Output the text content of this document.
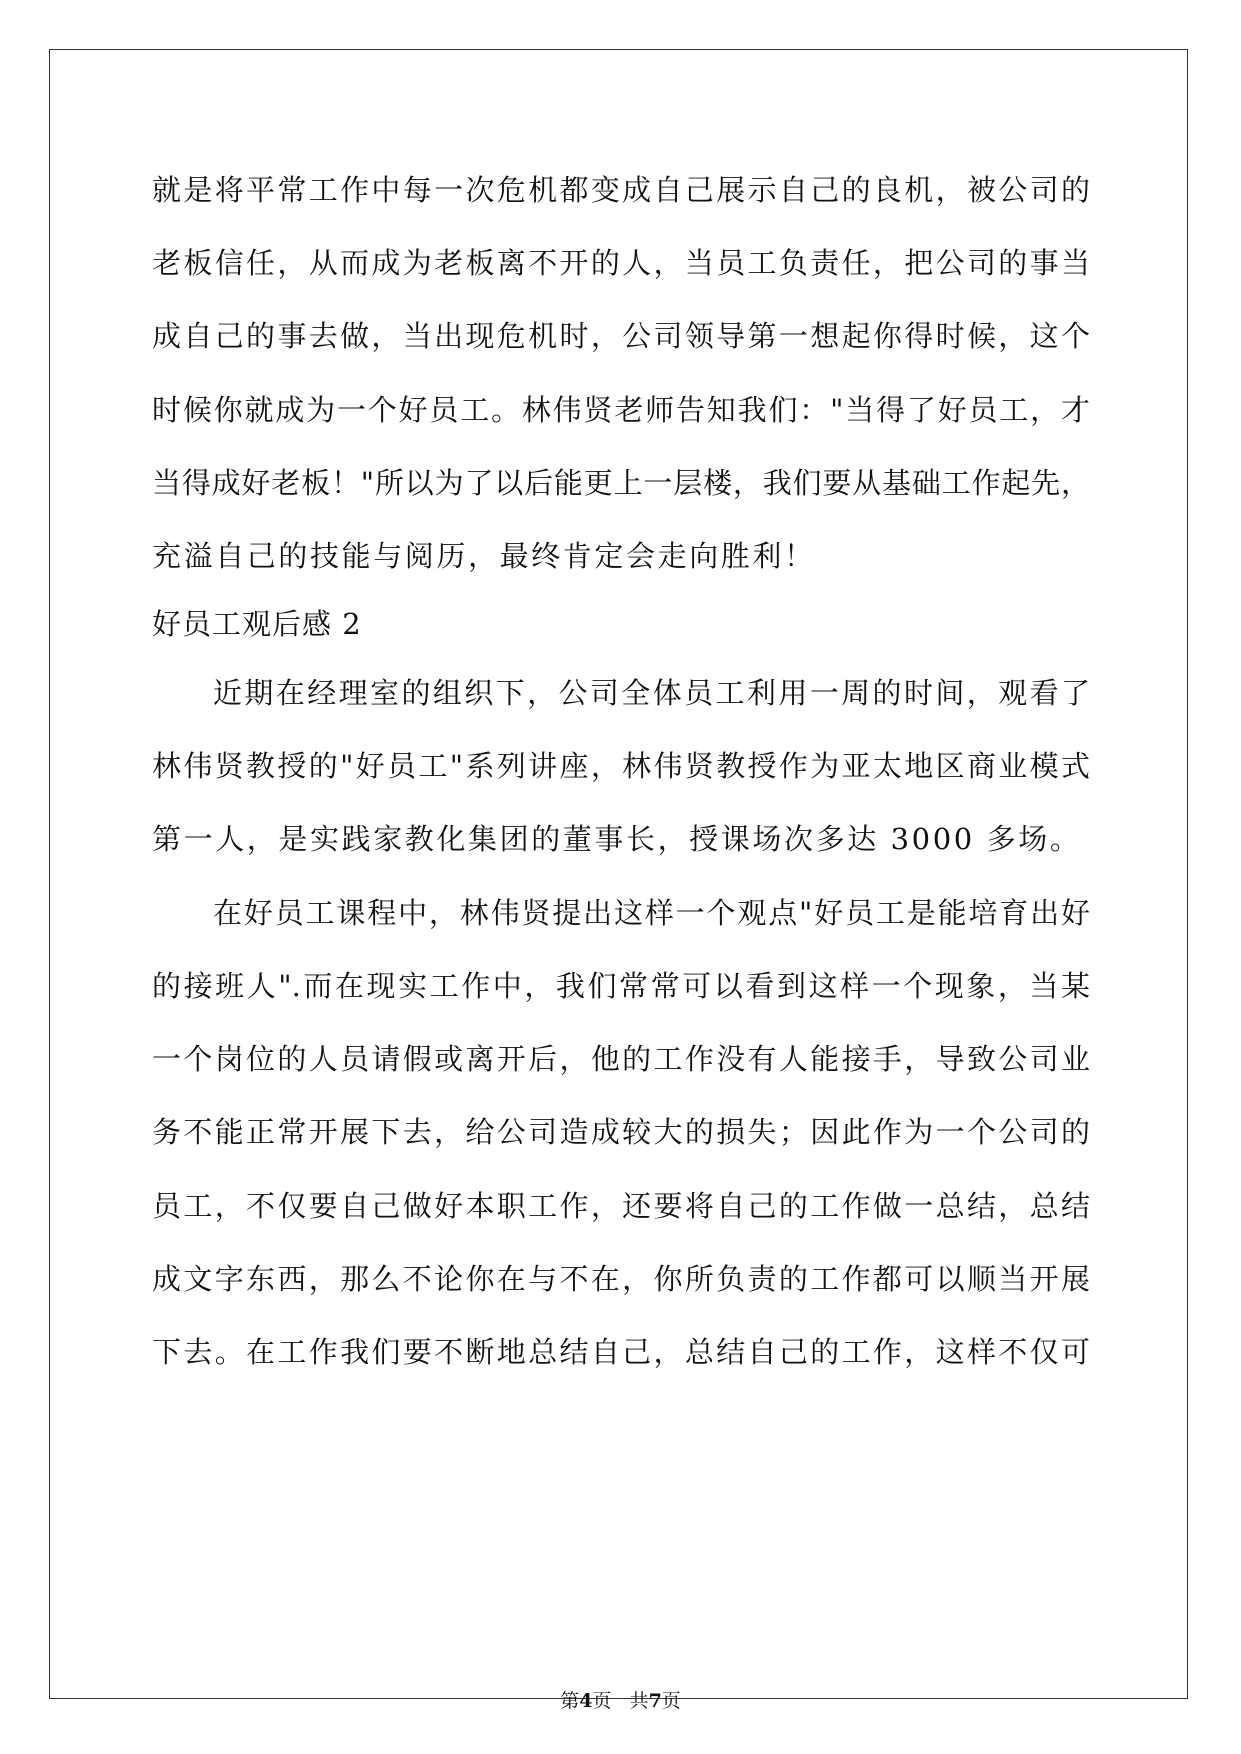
就是将平常工作中每一次危机都变成自己展示自己的良机，被公司的
老板信任，从而成为老板离不开的人，当员工负责任，把公司的事当
成自己的事去做，当出现危机时，公司领导第一想起你得时候，这个
时候你就成为一个好员工。林伟贤老师告知我们："当得了好员工，才
当得成好老板！"所以为了以后能更上一层楼，我们要从基础工作起先，
充溢自己的技能与阅历，最终肯定会走向胜利！
好员工观后感 2
近期在经理室的组织下，公司全体员工利用一周的时间，观看了
林伟贤教授的"好员工"系列讲座，林伟贤教授作为亚太地区商业模式
第一人，是实践家教化集团的董事长，授课场次多达 3000 多场。
在好员工课程中，林伟贤提出这样一个观点"好员工是能培育出好
的接班人".而在现实工作中，我们常常可以看到这样一个现象，当某
一个岗位的人员请假或离开后，他的工作没有人能接手，导致公司业
务不能正常开展下去，给公司造成较大的损失；因此作为一个公司的
员工，不仅要自己做好本职工作，还要将自己的工作做一总结，总结
成文字东西，那么不论你在与不在，你所负责的工作都可以顺当开展
下去。在工作我们要不断地总结自己，总结自己的工作，这样不仅可
第4页   共7页
